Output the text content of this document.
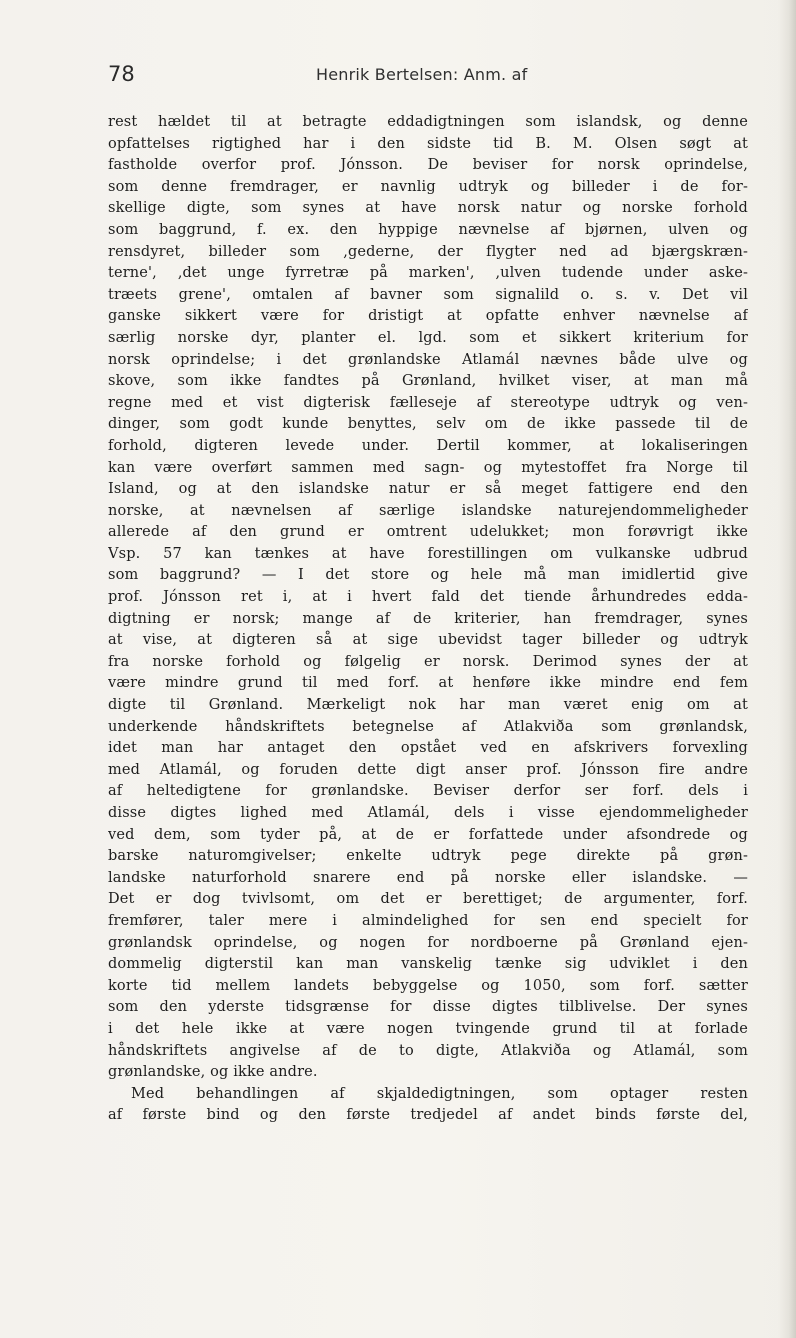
78	Henrik Bertelsen: Anm. af
rest hældet til at betragte eddadigtningen som islandsk, og denne
opfattelses rigtighed har i den sidste tid B. M. Olsen søgt at
fastholde overfor prof. Jónsson. De beviser for norsk oprindelse,
som denne fremdrager, er navnlig udtryk og billeder i de for-
skellige digte, som synes at have norsk natur og norske forhold
som baggrund, f. ex. den hyppige nævnelse af bjørnen, ulven og
rensdyret, billeder som ‚gederne, der flygter ned ad bjærgskræn-
terne', ‚det unge fyrretræ på marken', ‚ulven tudende under aske-
træets grene', omtalen af bavner som signalild o. s. v. Det vil
ganske sikkert være for dristigt at opfatte enhver nævnelse af
særlig norske dyr, planter el. lgd. som et sikkert kriterium for
norsk oprindelse; i det grønlandske Atlamál nævnes både ulve og
skove, som ikke fandtes på Grønland, hvilket viser, at man må
regne med et vist digterisk fælleseje af stereotype udtryk og ven-
dinger, som godt kunde benyttes, selv om de ikke passede til de
forhold, digteren levede under. Dertil kommer, at lokaliseringen
kan være overført sammen med sagn- og mytestoffet fra Norge til
Island, og at den islandske natur er så meget fattigere end den
norske, at nævnelsen af særlige islandske naturejendommeligheder
allerede af den grund er omtrent udelukket; mon forøvrigt ikke
Vsp. 57 kan tænkes at have forestillingen om vulkanske udbrud
som baggrund? — I det store og hele må man imidlertid give
prof. Jónsson ret i, at i hvert fald det tiende århundredes edda-
digtning er norsk; mange af de kriterier, han fremdrager, synes
at vise, at digteren så at sige ubevidst tager billeder og udtryk
fra norske forhold og følgelig er norsk. Derimod synes der at
være mindre grund til med forf. at henføre ikke mindre end fem
digte til Grønland. Mærkeligt nok har man været enig om at
underkende håndskriftets betegnelse af Atlakviða som grønlandsk,
idet man har antaget den opstået ved en afskrivers forvexling
med Atlamál, og foruden dette digt anser prof. Jónsson fire andre
af heltedigtene for grønlandske. Beviser derfor ser forf. dels i
disse digtes lighed med Atlamál, dels i visse ejendommeligheder
ved dem, som tyder på, at de er forfattede under afsondrede og
barske naturomgivelser; enkelte udtryk pege direkte på grøn-
landske naturforhold snarere end på norske eller islandske. —
Det er dog tvivlsomt, om det er berettiget; de argumenter, forf.
fremfører, taler mere i almindelighed for sen end specielt for
grønlandsk oprindelse, og nogen for nordboerne på Grønland ejen-
dommelig digterstil kan man vanskelig tænke sig udviklet i den
korte tid mellem landets bebyggelse og 1050, som forf. sætter
som den yderste tidsgrænse for disse digtes tilblivelse. Der synes
i det hele ikke at være nogen tvingende grund til at forlade
håndskriftets angivelse af de to digte, Atlakviða og Atlamál, som
grønlandske, og ikke andre.
Med behandlingen af skjaldedigtningen, som optager resten
af første bind og den første tredjedel af andet binds første del,
